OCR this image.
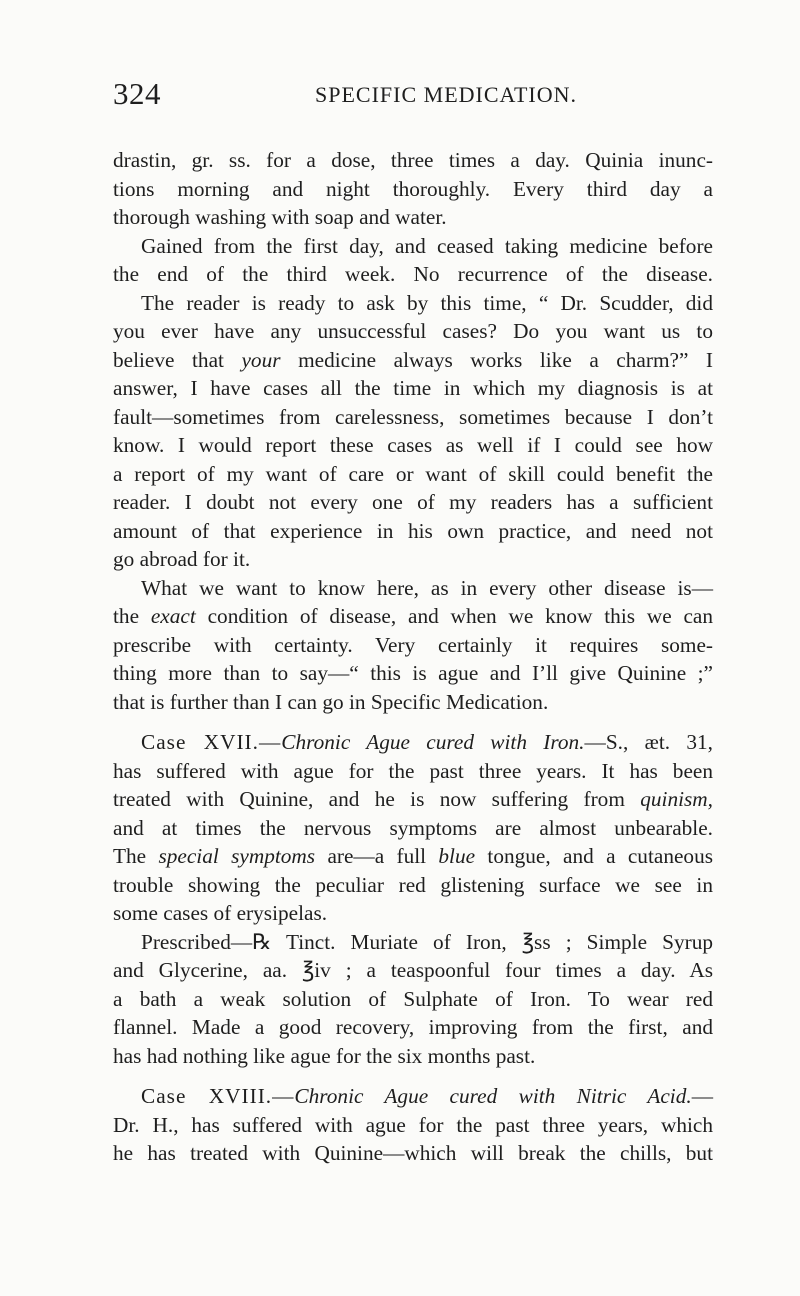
324	SPECIFIC MEDICATION.
drastin, gr. ss. for a dose, three times a day. Quinia inunc-
tions morning and night thoroughly. Every third day a
thorough washing with soap and water.
Gained from the first day, and ceased taking medicine before
the end of the third week. No recurrence of the disease.
The reader is ready to ask by this time, “ Dr. Scudder, did
you ever have any unsuccessful cases? Do you want us to
believe that your medicine always works like a charm?” I
answer, I have cases all the time in which my diagnosis is at
fault—sometimes from carelessness, sometimes because I don’t
know. I would report these cases as well if I could see how
a report of my want of care or want of skill could benefit the
reader. I doubt not every one of my readers has a sufficient
amount of that experience in his own practice, and need not
go abroad for it.
What we want to know here, as in every other disease is—
the exact condition of disease, and when we know this we can
prescribe with certainty. Very certainly it requires some-
thing more than to say—“ this is ague and I’ll give Quinine ;”
that is further than I can go in Specific Medication.
Case XVII.—Chronic Ague cured with Iron.—S., æt. 31,
has suffered with ague for the past three years. It has been
treated with Quinine, and he is now suffering from quinism,
and at times the nervous symptoms are almost unbearable.
The special symptoms are—a full blue tongue, and a cutaneous
trouble showing the peculiar red glistening surface we see in
some cases of erysipelas.
Prescribed—℞ Tinct. Muriate of Iron, ℥ss ; Simple Syrup
and Glycerine, aa. ℥iv ; a teaspoonful four times a day. As
a bath a weak solution of Sulphate of Iron. To wear red
flannel. Made a good recovery, improving from the first, and
has had nothing like ague for the six months past.
Case XVIII.—Chronic Ague cured with Nitric Acid.—
Dr. H., has suffered with ague for the past three years, which
he has treated with Quinine—which will break the chills, but
